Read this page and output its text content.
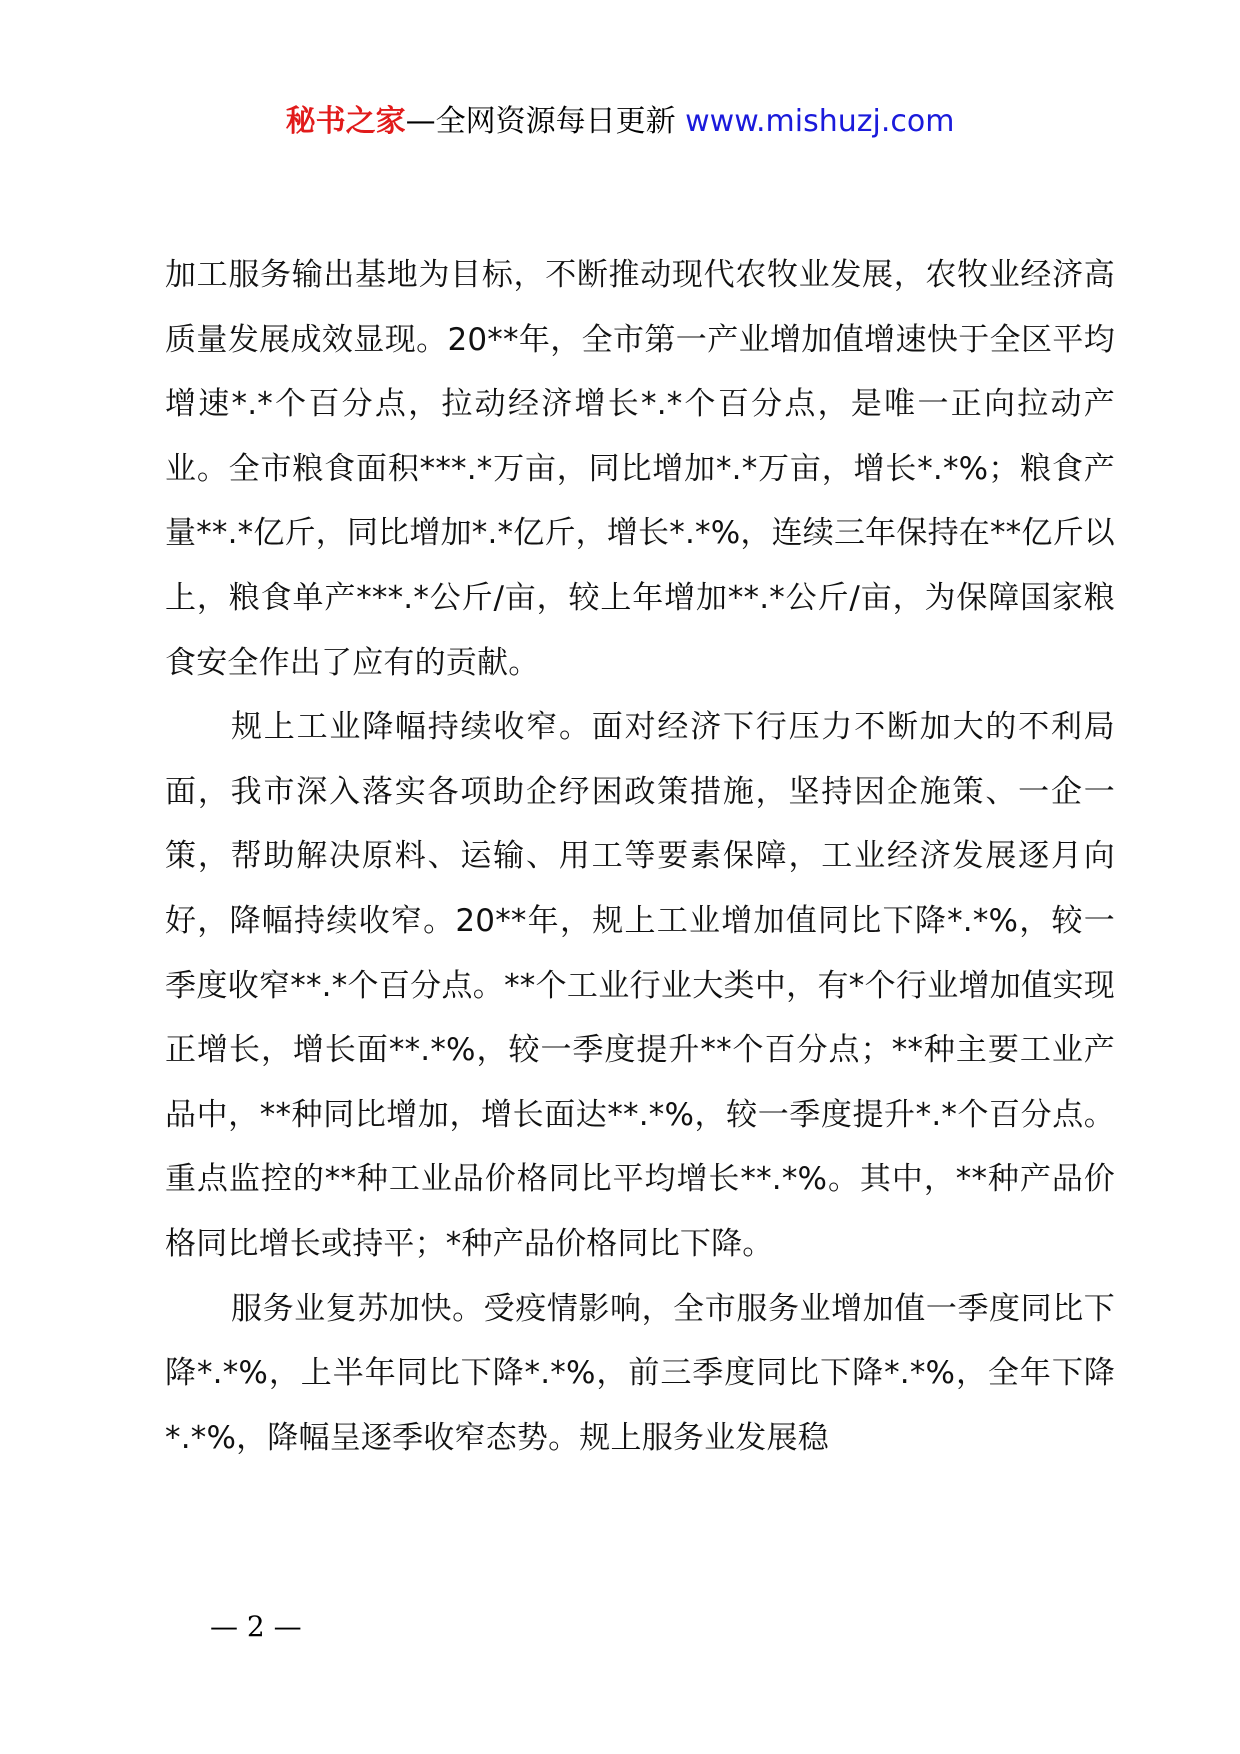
秘书之家—全网资源每日更新 www.mishuzj.com

加工服务输出基地为目标，不断推动现代农牧业发展，农牧业经济高质量发展成效显现。20**年，全市第一产业增加值增速快于全区平均增速*.*个百分点，拉动经济增长*.*个百分点，是唯一正向拉动产业。全市粮食面积***.*万亩，同比增加*.*万亩，增长*.*%；粮食产量**.*亿斤，同比增加*.*亿斤，增长*.*%，连续三年保持在**亿斤以上，粮食单产***.*公斤/亩，较上年增加**.*公斤/亩，为保障国家粮食安全作出了应有的贡献。

规上工业降幅持续收窄。面对经济下行压力不断加大的不利局面，我市深入落实各项助企纾困政策措施，坚持因企施策、一企一策，帮助解决原料、运输、用工等要素保障，工业经济发展逐月向好，降幅持续收窄。20**年，规上工业增加值同比下降*.*%，较一季度收窄**.*个百分点。**个工业行业大类中，有*个行业增加值实现正增长，增长面**.*%，较一季度提升**个百分点；**种主要工业产品中，**种同比增加，增长面达**.*%，较一季度提升*.*个百分点。重点监控的**种工业品价格同比平均增长**.*%。其中，**种产品价格同比增长或持平；*种产品价格同比下降。

服务业复苏加快。受疫情影响，全市服务业增加值一季度同比下降*.*%，上半年同比下降*.*%，前三季度同比下降*.*%，全年下降*.*%，降幅呈逐季收窄态势。规上服务业发展稳

— 2 —
